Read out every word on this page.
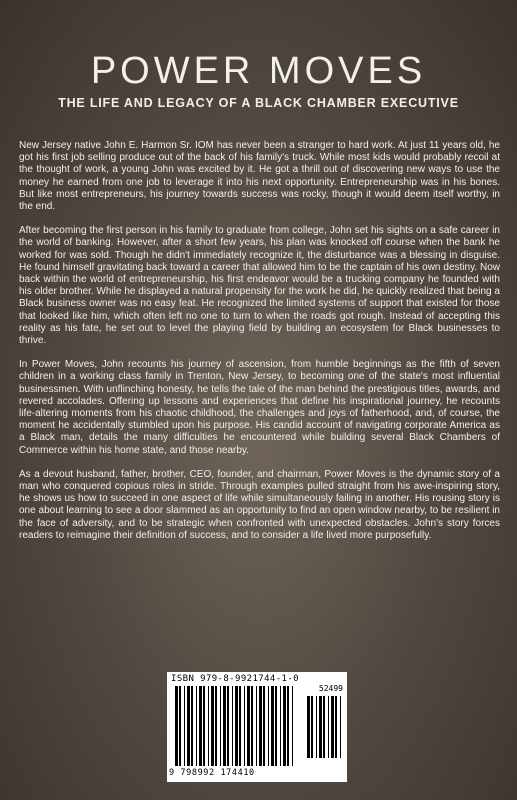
POWER MOVES
THE LIFE AND LEGACY OF A BLACK CHAMBER EXECUTIVE

New Jersey native John E. Harmon Sr. IOM has never been a stranger to hard work. At just 11 years old, he got his first job selling produce out of the back of his family's truck. While most kids would probably recoil at the thought of work, a young John was excited by it. He got a thrill out of discovering new ways to use the money he earned from one job to leverage it into his next opportunity. Entrepreneurship was in his bones. But like most entrepreneurs, his journey towards success was rocky, though it would deem itself worthy, in the end.

After becoming the first person in his family to graduate from college, John set his sights on a safe career in the world of banking. However, after a short few years, his plan was knocked off course when the bank he worked for was sold. Though he didn't immediately recognize it, the disturbance was a blessing in disguise. He found himself gravitating back toward a career that allowed him to be the captain of his own destiny. Now back within the world of entrepreneurship, his first endeavor would be a trucking company he founded with his older brother. While he displayed a natural propensity for the work he did, he quickly realized that being a Black business owner was no easy feat. He recognized the limited systems of support that existed for those that looked like him, which often left no one to turn to when the roads got rough. Instead of accepting this reality as his fate, he set out to level the playing field by building an ecosystem for Black businesses to thrive.

In Power Moves, John recounts his journey of ascension, from humble beginnings as the fifth of seven children in a working class family in Trenton, New Jersey, to becoming one of the state's most influential businessmen. With unflinching honesty, he tells the tale of the man behind the prestigious titles, awards, and revered accolades. Offering up lessons and experiences that define his inspirational journey, he recounts life-altering moments from his chaotic childhood, the challenges and joys of fatherhood, and, of course, the moment he accidentally stumbled upon his purpose. His candid account of navigating corporate America as a Black man, details the many difficulties he encountered while building several Black Chambers of Commerce within his home state, and those nearby.

As a devout husband, father, brother, CEO, founder, and chairman, Power Moves is the dynamic story of a man who conquered copious roles in stride. Through examples pulled straight from his awe-inspiring story, he shows us how to succeed in one aspect of life while simultaneously failing in another. His rousing story is one about learning to see a door slammed as an opportunity to find an open window nearby, to be resilient in the face of adversity, and to be strategic when confronted with unexpected obstacles. John's story forces readers to reimagine their definition of success, and to consider a life lived more purposefully.

ISBN 979-8-9921744-1-0
52499
9 798992 174410
